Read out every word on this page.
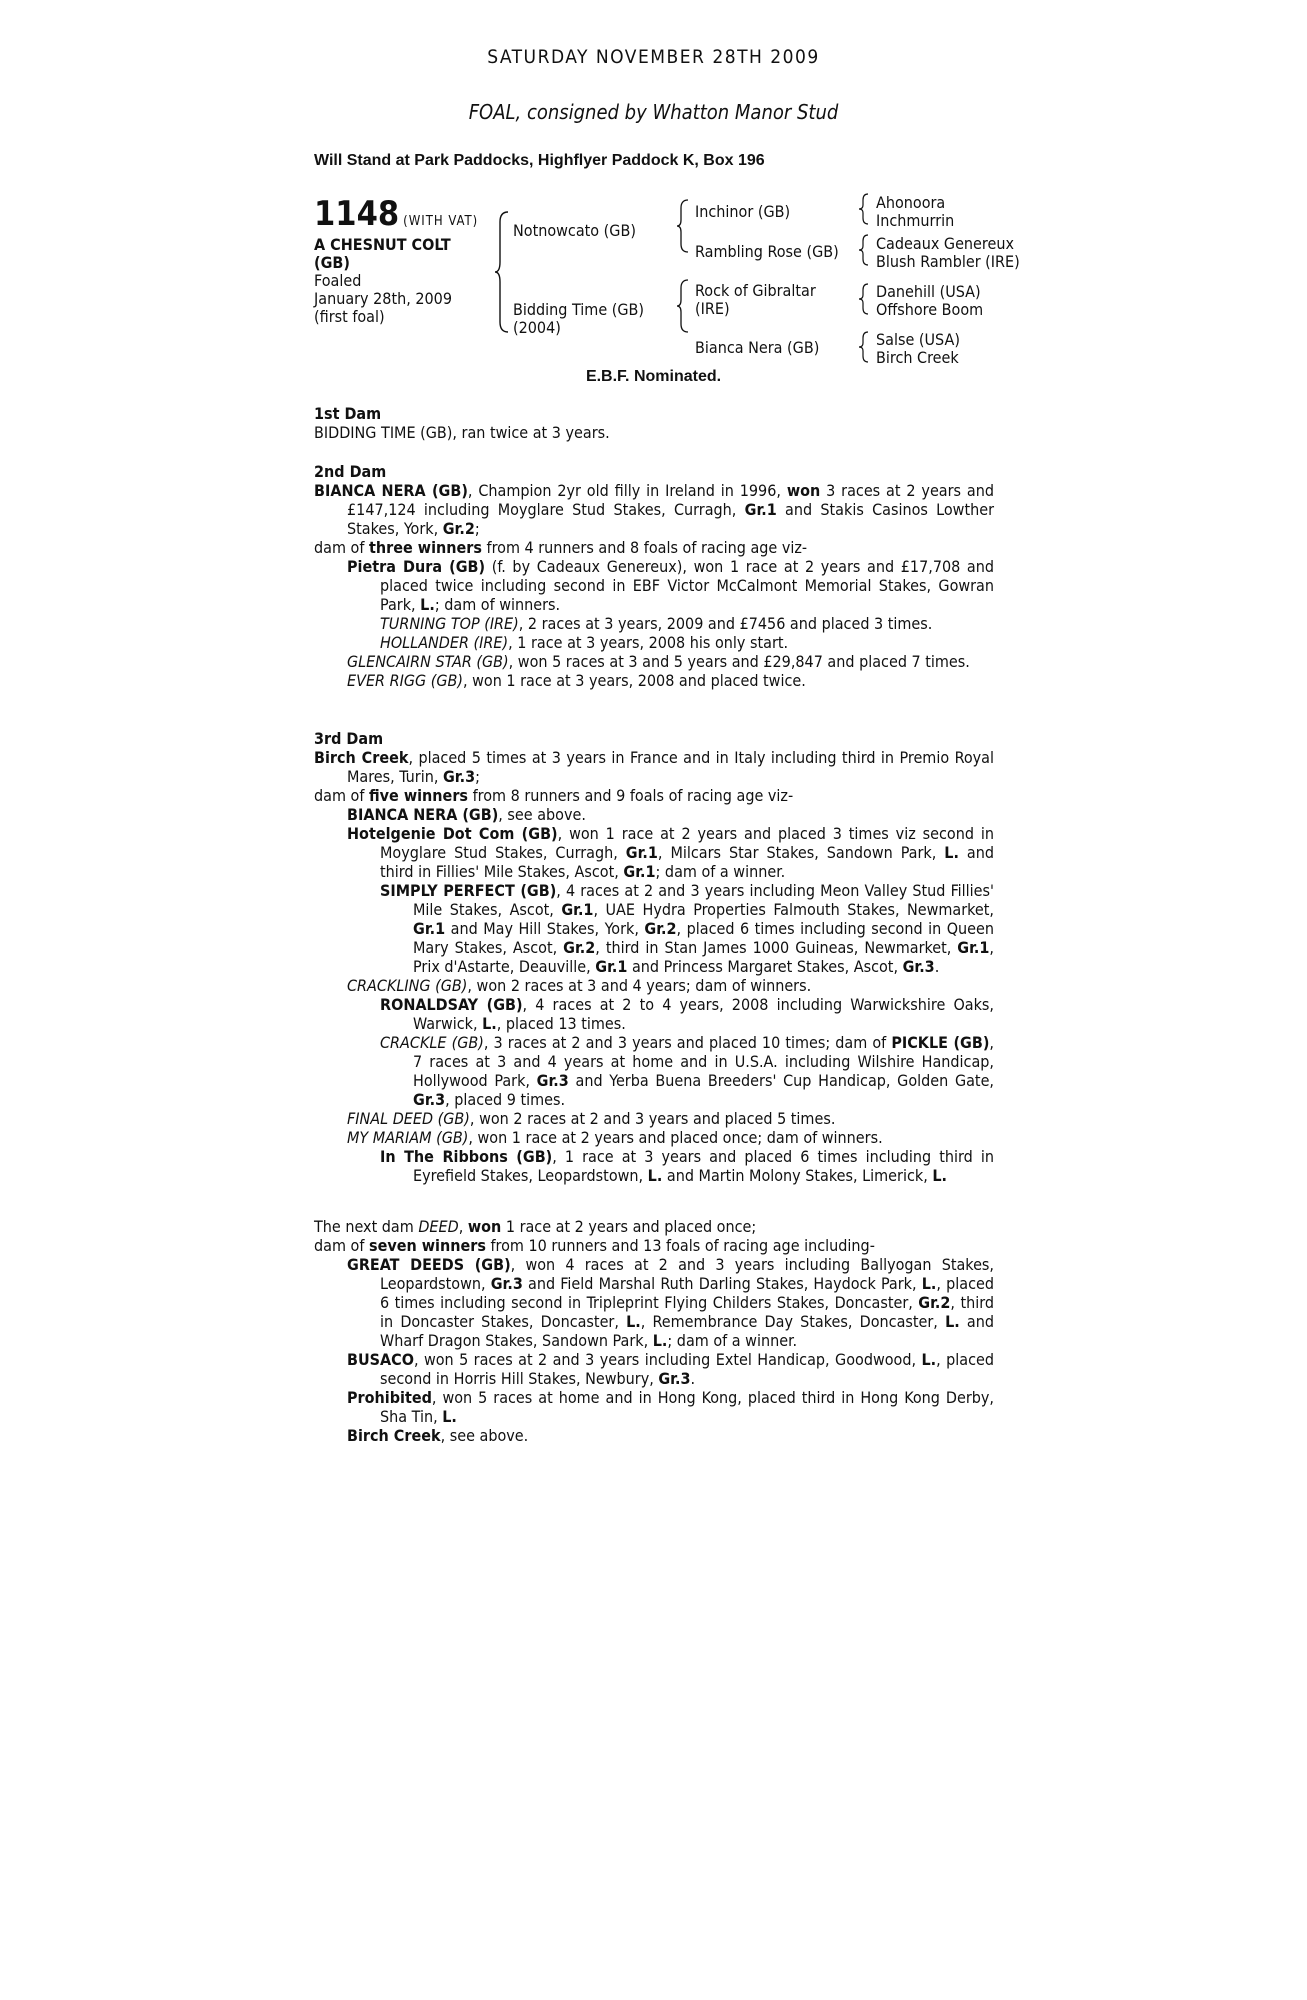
SATURDAY NOVEMBER 28TH 2009
FOAL, consigned by Whatton Manor Stud
Will Stand at Park Paddocks, Highflyer Paddock K, Box 196
1148 (WITH VAT)
A CHESNUT COLT
(GB)
Foaled
January 28th, 2009
(first foal)
Notnowcato (GB)
Bidding Time (GB)
(2004)
Inchinor (GB)
Rambling Rose (GB)
Rock of Gibraltar
(IRE)
Bianca Nera (GB)
Ahonoora
Inchmurrin
Cadeaux Genereux
Blush Rambler (IRE)
Danehill (USA)
Offshore Boom
Salse (USA)
Birch Creek
E.B.F. Nominated.

1st Dam

BIDDING TIME (GB), ran twice at 3 years.

2nd Dam

BIANCA NERA (GB), Champion 2yr old filly in Ireland in 1996, won 3 races at 2 years and £147,124 including Moyglare Stud Stakes, Curragh, Gr.1 and Stakis Casinos Lowther Stakes, York, Gr.2;

dam of three winners from 4 runners and 8 foals of racing age viz-

Pietra Dura (GB) (f. by Cadeaux Genereux), won 1 race at 2 years and £17,708 and placed twice including second in EBF Victor McCalmont Memorial Stakes, Gowran Park, L.; dam of winners.

TURNING TOP (IRE), 2 races at 3 years, 2009 and £7456 and placed 3 times.

HOLLANDER (IRE), 1 race at 3 years, 2008 his only start.

GLENCAIRN STAR (GB), won 5 races at 3 and 5 years and £29,847 and placed 7 times.

EVER RIGG (GB), won 1 race at 3 years, 2008 and placed twice.

3rd Dam

Birch Creek, placed 5 times at 3 years in France and in Italy including third in Premio Royal Mares, Turin, Gr.3;

dam of five winners from 8 runners and 9 foals of racing age viz-

BIANCA NERA (GB), see above.

Hotelgenie Dot Com (GB), won 1 race at 2 years and placed 3 times viz second in Moyglare Stud Stakes, Curragh, Gr.1, Milcars Star Stakes, Sandown Park, L. and third in Fillies' Mile Stakes, Ascot, Gr.1; dam of a winner.

SIMPLY PERFECT (GB), 4 races at 2 and 3 years including Meon Valley Stud Fillies' Mile Stakes, Ascot, Gr.1, UAE Hydra Properties Falmouth Stakes, Newmarket, Gr.1 and May Hill Stakes, York, Gr.2, placed 6 times including second in Queen Mary Stakes, Ascot, Gr.2, third in Stan James 1000 Guineas, Newmarket, Gr.1, Prix d'Astarte, Deauville, Gr.1 and Princess Margaret Stakes, Ascot, Gr.3.

CRACKLING (GB), won 2 races at 3 and 4 years; dam of winners.

RONALDSAY (GB), 4 races at 2 to 4 years, 2008 including Warwickshire Oaks, Warwick, L., placed 13 times.

CRACKLE (GB), 3 races at 2 and 3 years and placed 10 times; dam of PICKLE (GB), 7 races at 3 and 4 years at home and in U.S.A. including Wilshire Handicap, Hollywood Park, Gr.3 and Yerba Buena Breeders' Cup Handicap, Golden Gate, Gr.3, placed 9 times.

FINAL DEED (GB), won 2 races at 2 and 3 years and placed 5 times.

MY MARIAM (GB), won 1 race at 2 years and placed once; dam of winners.

In The Ribbons (GB), 1 race at 3 years and placed 6 times including third in Eyrefield Stakes, Leopardstown, L. and Martin Molony Stakes, Limerick, L.

The next dam DEED, won 1 race at 2 years and placed once;

dam of seven winners from 10 runners and 13 foals of racing age including-

GREAT DEEDS (GB), won 4 races at 2 and 3 years including Ballyogan Stakes, Leopardstown, Gr.3 and Field Marshal Ruth Darling Stakes, Haydock Park, L., placed 6 times including second in Tripleprint Flying Childers Stakes, Doncaster, Gr.2, third in Doncaster Stakes, Doncaster, L., Remembrance Day Stakes, Doncaster, L. and Wharf Dragon Stakes, Sandown Park, L.; dam of a winner.

BUSACO, won 5 races at 2 and 3 years including Extel Handicap, Goodwood, L., placed second in Horris Hill Stakes, Newbury, Gr.3.

Prohibited, won 5 races at home and in Hong Kong, placed third in Hong Kong Derby, Sha Tin, L.

Birch Creek, see above.
